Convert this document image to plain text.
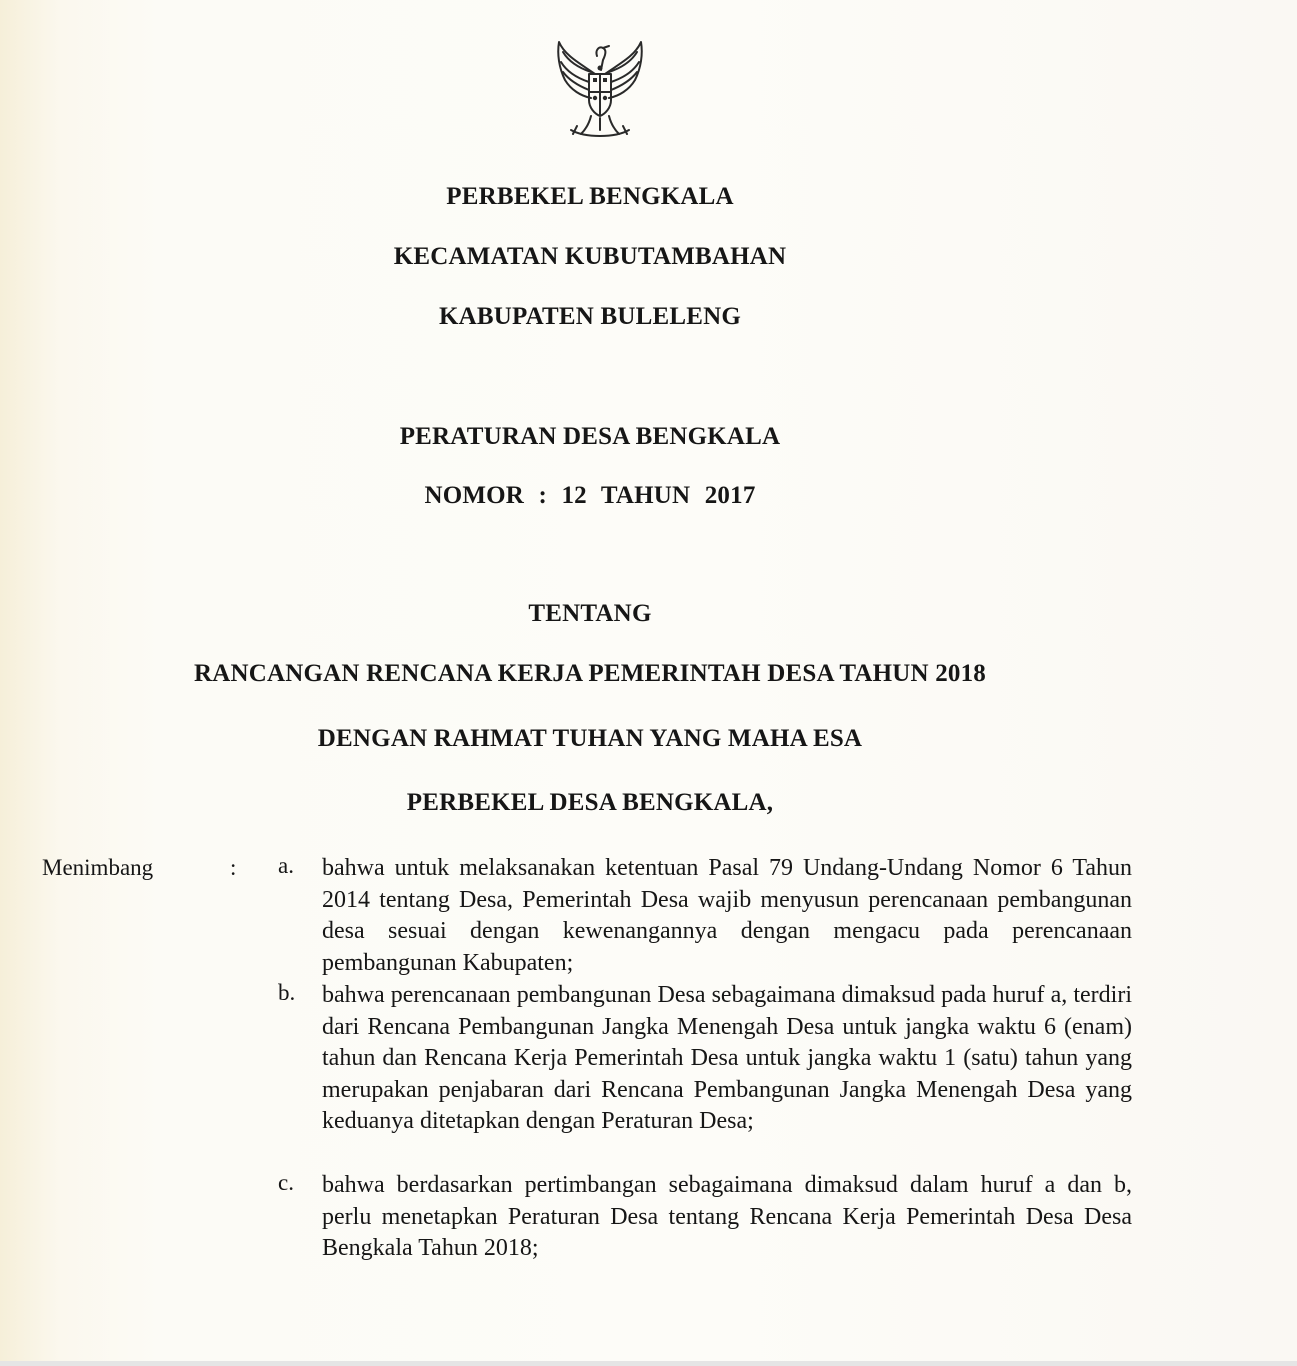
PERBEKEL BENGKALA
KECAMATAN KUBUTAMBAHAN
KABUPATEN BULELENG
PERATURAN DESA BENGKALA
NOMOR : 12 TAHUN 2017
TENTANG
RANCANGAN RENCANA KERJA PEMERINTAH DESA TAHUN 2018
DENGAN RAHMAT TUHAN YANG MAHA ESA
PERBEKEL DESA BENGKALA,
Menimbang	: a. bahwa untuk melaksanakan ketentuan Pasal 79 Undang-Undang Nomor 6 Tahun 2014 tentang Desa, Pemerintah Desa wajib menyusun perencanaan pembangunan desa sesuai dengan kewenangannya dengan mengacu pada perencanaan pembangunan Kabupaten;
b. bahwa perencanaan pembangunan Desa sebagaimana dimaksud pada huruf a, terdiri dari Rencana Pembangunan Jangka Menengah Desa untuk jangka waktu 6 (enam) tahun dan Rencana Kerja Pemerintah Desa untuk jangka waktu 1 (satu) tahun yang merupakan penjabaran dari Rencana Pembangunan Jangka Menengah Desa yang keduanya ditetapkan dengan Peraturan Desa;
c. bahwa berdasarkan pertimbangan sebagaimana dimaksud dalam huruf a dan b, perlu menetapkan Peraturan Desa tentang Rencana Kerja Pemerintah Desa Desa Bengkala Tahun 2018;
